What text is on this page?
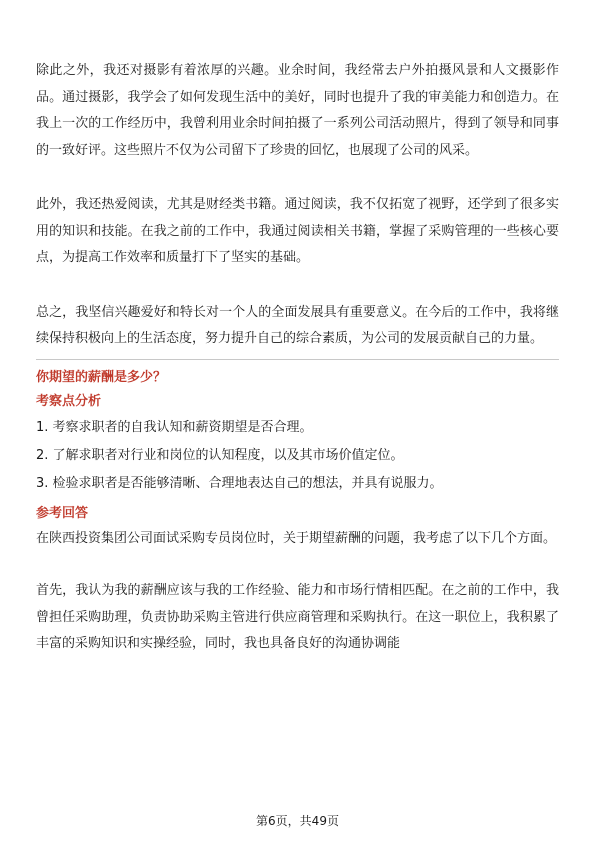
除此之外，我还对摄影有着浓厚的兴趣。业余时间，我经常去户外拍摄风景和人文摄影作品。通过摄影，我学会了如何发现生活中的美好，同时也提升了我的审美能力和创造力。在我上一次的工作经历中，我曾利用业余时间拍摄了一系列公司活动照片，得到了领导和同事的一致好评。这些照片不仅为公司留下了珍贵的回忆，也展现了公司的风采。

此外，我还热爱阅读，尤其是财经类书籍。通过阅读，我不仅拓宽了视野，还学到了很多实用的知识和技能。在我之前的工作中，我通过阅读相关书籍，掌握了采购管理的一些核心要点，为提高工作效率和质量打下了坚实的基础。

总之，我坚信兴趣爱好和特长对一个人的全面发展具有重要意义。在今后的工作中，我将继续保持积极向上的生活态度，努力提升自己的综合素质，为公司的发展贡献自己的力量。

你期望的薪酬是多少？

考察点分析

1. 考察求职者的自我认知和薪资期望是否合理。

2. 了解求职者对行业和岗位的认知程度，以及其市场价值定位。

3. 检验求职者是否能够清晰、合理地表达自己的想法，并具有说服力。

参考回答

在陕西投资集团公司面试采购专员岗位时，关于期望薪酬的问题，我考虑了以下几个方面。

首先，我认为我的薪酬应该与我的工作经验、能力和市场行情相匹配。在之前的工作中，我曾担任采购助理，负责协助采购主管进行供应商管理和采购执行。在这一职位上，我积累了丰富的采购知识和实操经验，同时，我也具备良好的沟通协调能

第6页，共49页
